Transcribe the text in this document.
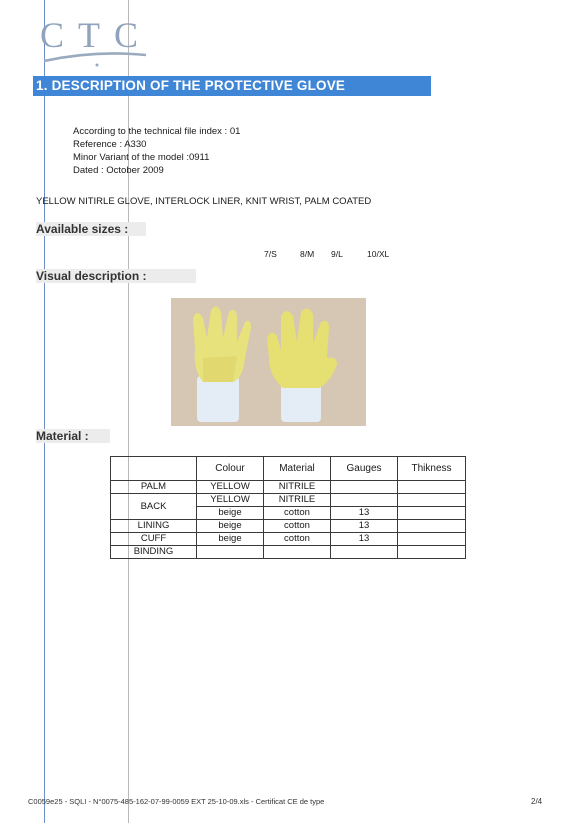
CTC
1. DESCRIPTION OF THE PROTECTIVE GLOVE
According to the technical file index : 01
Reference : A330
Minor Variant of the model :0911
Dated : October 2009
YELLOW NITIRLE GLOVE, INTERLOCK LINER, KNIT WRIST, PALM COATED
Available sizes :
7/S	8/M 9/L	10/XL
Visual description :
Material :
	Colour	Material	Gauges	Thikness
PALM	YELLOW	NITRILE		
BACK	YELLOW	NITRILE		
	beige	cotton	13	
LINING	beige	cotton	13	
CUFF	beige	cotton	13	
BINDING				
C0059e25 - SQLI - N°0075-485-162-07-99-0059 EXT 25-10-09.xls - Certificat CE de type	2/4
